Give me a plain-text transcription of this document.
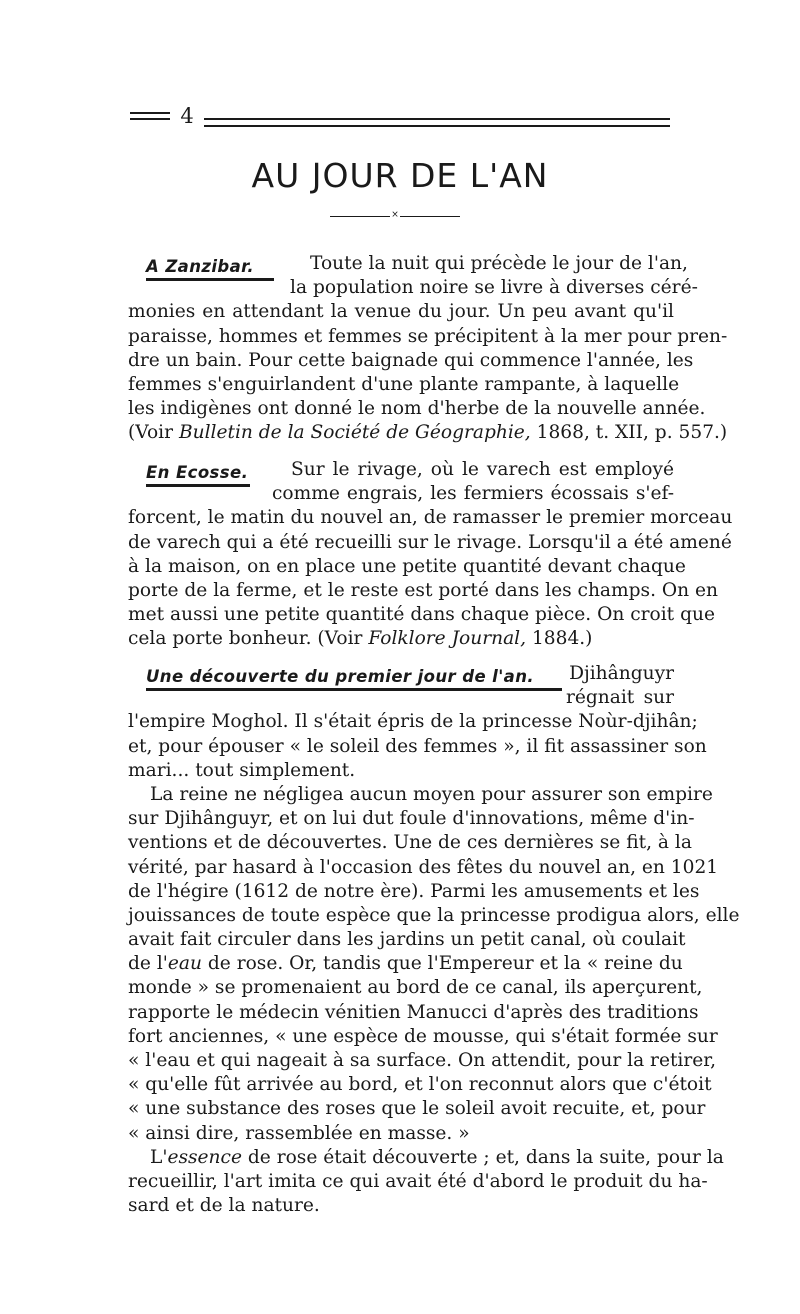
4
AU JOUR DE L'AN
×
A Zanzibar.	Toute la nuit qui précède le jour de l'an,
la population noire se livre à diverses céré-
monies en attendant la venue du jour. Un peu avant qu'il
paraisse, hommes et femmes se précipitent à la mer pour pren-
dre un bain. Pour cette baignade qui commence l'année, les
femmes s'enguirlandent d'une plante rampante, à laquelle
les indigènes ont donné le nom d'herbe de la nouvelle année.
(Voir Bulletin de la Société de Géographie, 1868, t. XII, p. 557.)
En Ecosse. Sur le rivage, où le varech est employé
comme engrais, les fermiers écossais s'ef-
forcent, le matin du nouvel an, de ramasser le premier morceau
de varech qui a été recueilli sur le rivage. Lorsqu'il a été amené
à la maison, on en place une petite quantité devant chaque
porte de la ferme, et le reste est porté dans les champs. On en
met aussi une petite quantité dans chaque pièce. On croit que
cela porte bonheur. (Voir Folklore Journal, 1884.)
Une découverte du premier jour de l'an.	Djihânguyr
régnait sur
l'empire Moghol. Il s'était épris de la princesse Noùr-djihân;
et, pour épouser « le soleil des femmes », il fit assassiner son
mari... tout simplement.
La reine ne négligea aucun moyen pour assurer son empire
sur Djihânguyr, et on lui dut foule d'innovations, même d'in-
ventions et de découvertes. Une de ces dernières se fit, à la
vérité, par hasard à l'occasion des fêtes du nouvel an, en 1021
de l'hégire (1612 de notre ère). Parmi les amusements et les
jouissances de toute espèce que la princesse prodigua alors, elle
avait fait circuler dans les jardins un petit canal, où coulait
de l'eau de rose. Or, tandis que l'Empereur et la « reine du
monde » se promenaient au bord de ce canal, ils aperçurent,
rapporte le médecin vénitien Manucci d'après des traditions
fort anciennes, « une espèce de mousse, qui s'était formée sur
« l'eau et qui nageait à sa surface. On attendit, pour la retirer,
« qu'elle fût arrivée au bord, et l'on reconnut alors que c'étoit
« une substance des roses que le soleil avoit recuite, et, pour
« ainsi dire, rassemblée en masse. »
L'essence de rose était découverte ; et, dans la suite, pour la
recueillir, l'art imita ce qui avait été d'abord le produit du ha-
sard et de la nature.
